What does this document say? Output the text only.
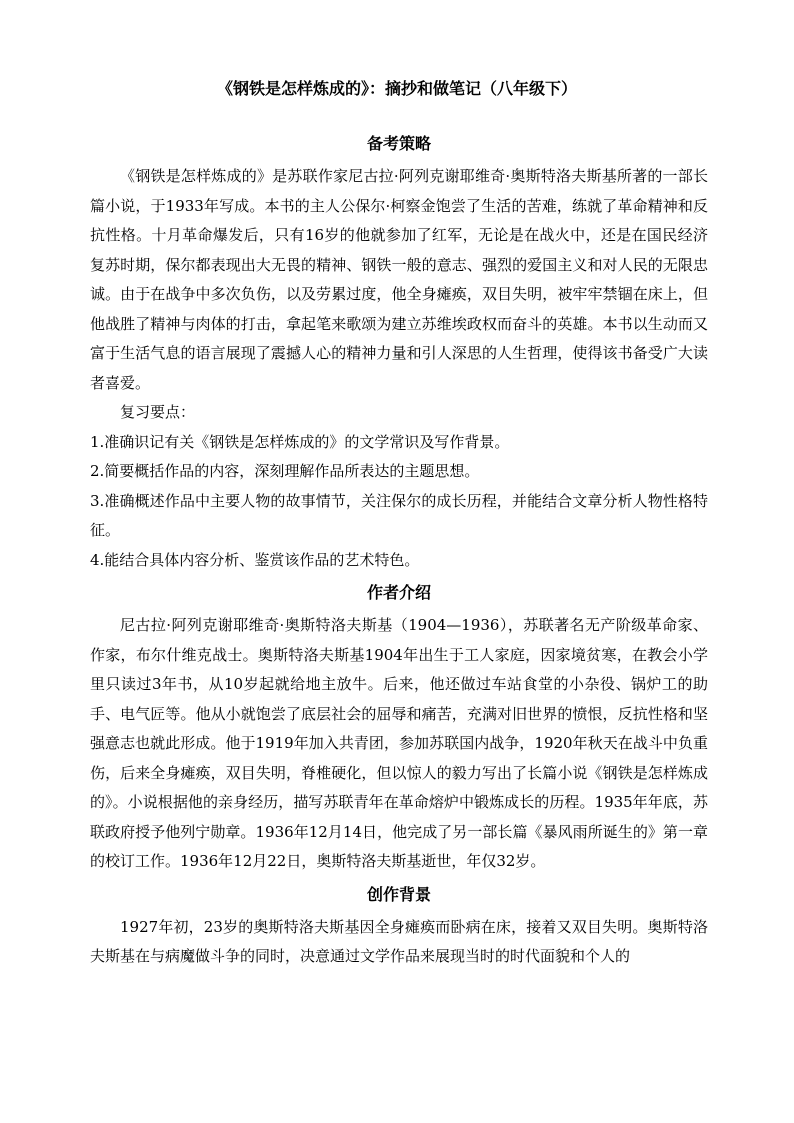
《钢铁是怎样炼成的》：摘抄和做笔记（八年级下）
备考策略

《钢铁是怎样炼成的》是苏联作家尼古拉·阿列克谢耶维奇·奥斯特洛夫斯基所著的一部长篇小说，于1933年写成。本书的主人公保尔·柯察金饱尝了生活的苦难，练就了革命精神和反抗性格。十月革命爆发后，只有16岁的他就参加了红军，无论是在战火中，还是在国民经济复苏时期，保尔都表现出大无畏的精神、钢铁一般的意志、强烈的爱国主义和对人民的无限忠诚。由于在战争中多次负伤，以及劳累过度，他全身瘫痪，双目失明，被牢牢禁锢在床上，但他战胜了精神与肉体的打击，拿起笔来歌颂为建立苏维埃政权而奋斗的英雄。本书以生动而又富于生活气息的语言展现了震撼人心的精神力量和引人深思的人生哲理，使得该书备受广大读者喜爱。

复习要点：

1.准确识记有关《钢铁是怎样炼成的》的文学常识及写作背景。

2.简要概括作品的内容，深刻理解作品所表达的主题思想。

3.准确概述作品中主要人物的故事情节，关注保尔的成长历程，并能结合文章分析人物性格特征。

4.能结合具体内容分析、鉴赏该作品的艺术特色。

作者介绍

尼古拉·阿列克谢耶维奇·奥斯特洛夫斯基（1904—1936），苏联著名无产阶级革命家、作家，布尔什维克战士。奥斯特洛夫斯基1904年出生于工人家庭，因家境贫寒，在教会小学里只读过3年书，从10岁起就给地主放牛。后来，他还做过车站食堂的小杂役、锅炉工的助手、电气匠等。他从小就饱尝了底层社会的屈辱和痛苦，充满对旧世界的愤恨，反抗性格和坚强意志也就此形成。他于1919年加入共青团，参加苏联国内战争，1920年秋天在战斗中负重伤，后来全身瘫痪，双目失明，脊椎硬化，但以惊人的毅力写出了长篇小说《钢铁是怎样炼成的》。小说根据他的亲身经历，描写苏联青年在革命熔炉中锻炼成长的历程。1935年年底，苏联政府授予他列宁勋章。1936年12月14日，他完成了另一部长篇《暴风雨所诞生的》第一章的校订工作。1936年12月22日，奥斯特洛夫斯基逝世，年仅32岁。

创作背景

1927年初，23岁的奥斯特洛夫斯基因全身瘫痪而卧病在床，接着又双目失明。奥斯特洛夫斯基在与病魔做斗争的同时，决意通过文学作品来展现当时的时代面貌和个人的
